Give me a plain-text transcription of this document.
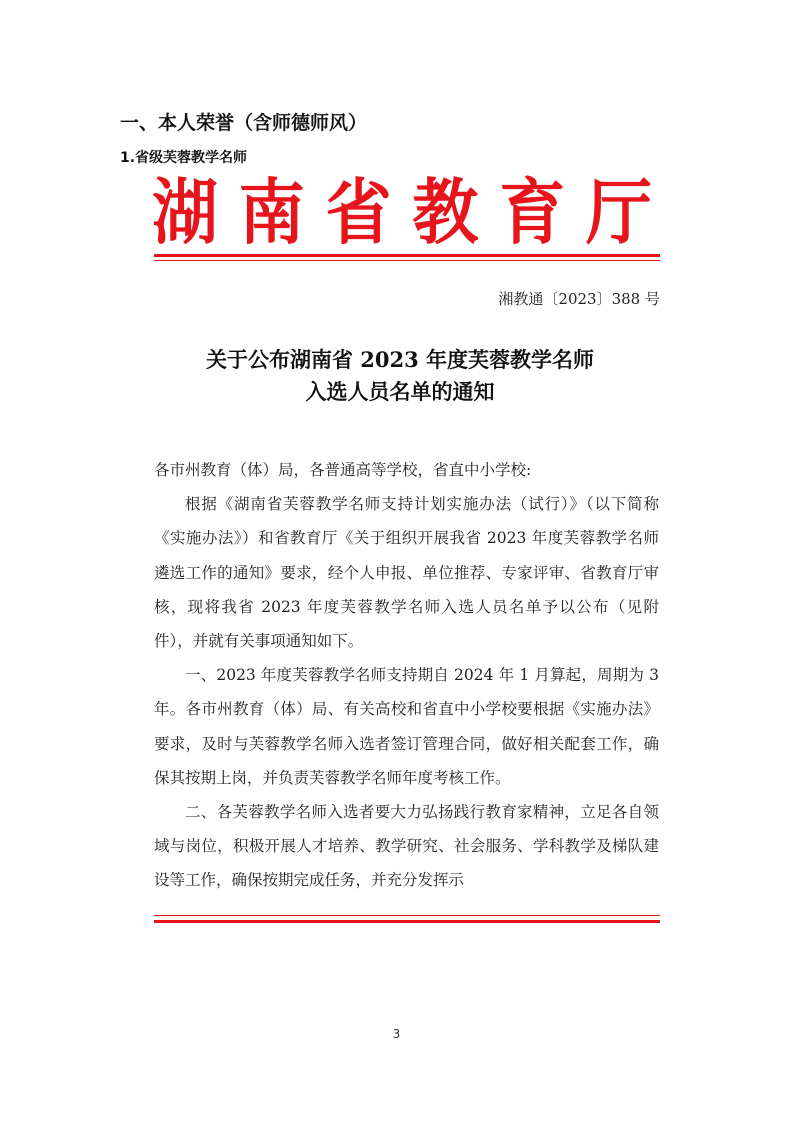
一、本人荣誉（含师德师风）
1.省级芙蓉教学名师
湖南省教育厅
湘教通〔2023〕388 号
关于公布湖南省 2023 年度芙蓉教学名师
入选人员名单的通知

各市州教育（体）局，各普通高等学校，省直中小学校:

根据《湖南省芙蓉教学名师支持计划实施办法（试行）》（以下简称《实施办法》）和省教育厅《关于组织开展我省 2023 年度芙蓉教学名师遴选工作的通知》要求，经个人申报、单位推荐、专家评审、省教育厅审核，现将我省 2023 年度芙蓉教学名师入选人员名单予以公布（见附件），并就有关事项通知如下。

一、2023 年度芙蓉教学名师支持期自 2024 年 1 月算起，周期为 3 年。各市州教育（体）局、有关高校和省直中小学校要根据《实施办法》要求，及时与芙蓉教学名师入选者签订管理合同，做好相关配套工作，确保其按期上岗，并负责芙蓉教学名师年度考核工作。

二、各芙蓉教学名师入选者要大力弘扬践行教育家精神，立足各自领域与岗位，积极开展人才培养、教学研究、社会服务、学科教学及梯队建设等工作，确保按期完成任务，并充分发挥示

3
